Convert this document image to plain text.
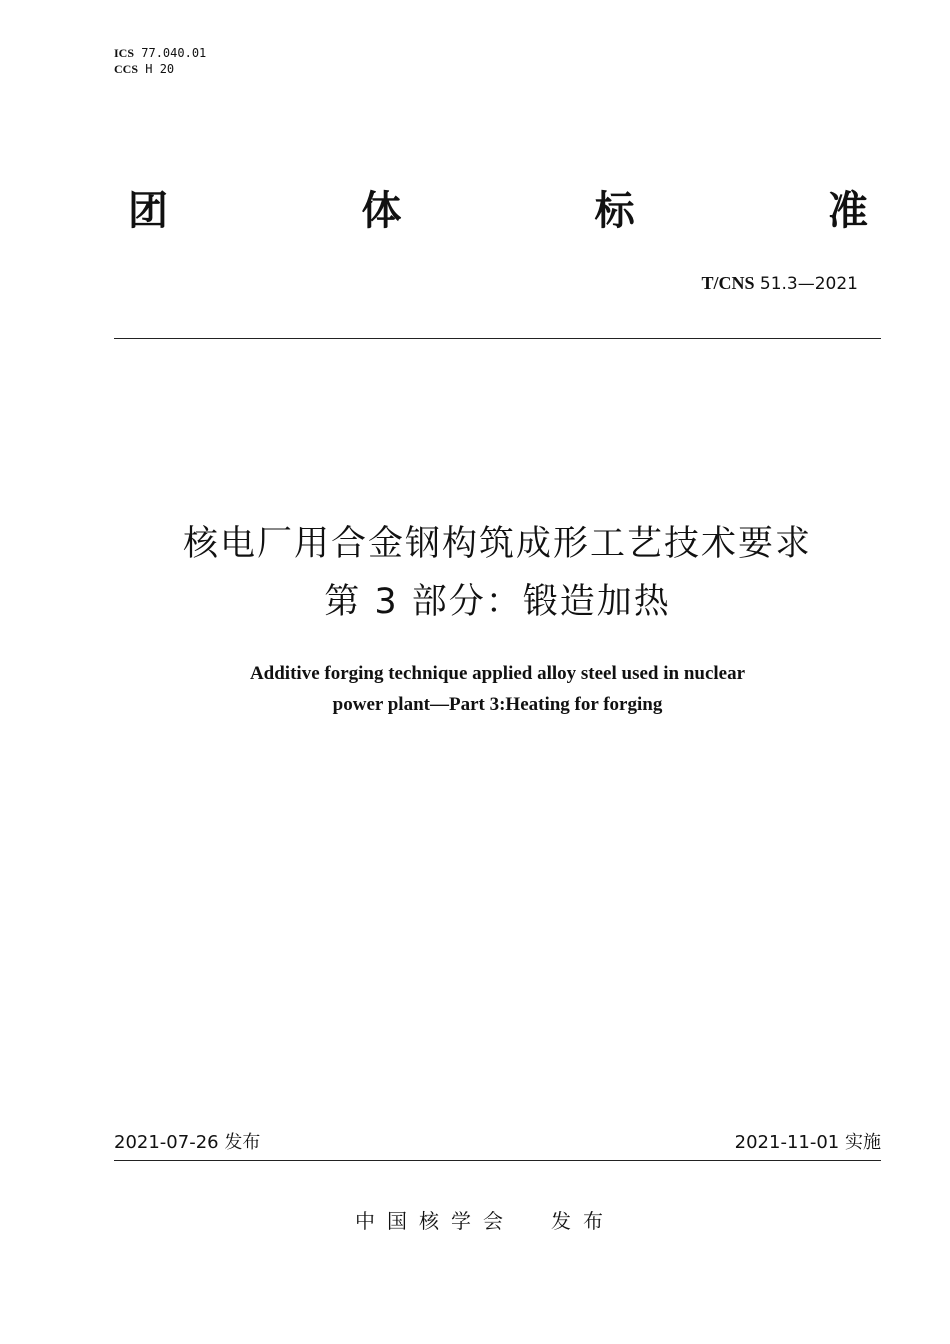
ICS 77.040.01
CCS H 20
团	体	标	准
T/CNS 51.3—2021
核电厂用合金钢构筑成形工艺技术要求
第 3 部分：锻造加热
Additive forging technique applied alloy steel used in nuclear
power plant—Part 3:Heating for forging
2021-07-26 发布	2021-11-01 实施
中国核学会 发布
